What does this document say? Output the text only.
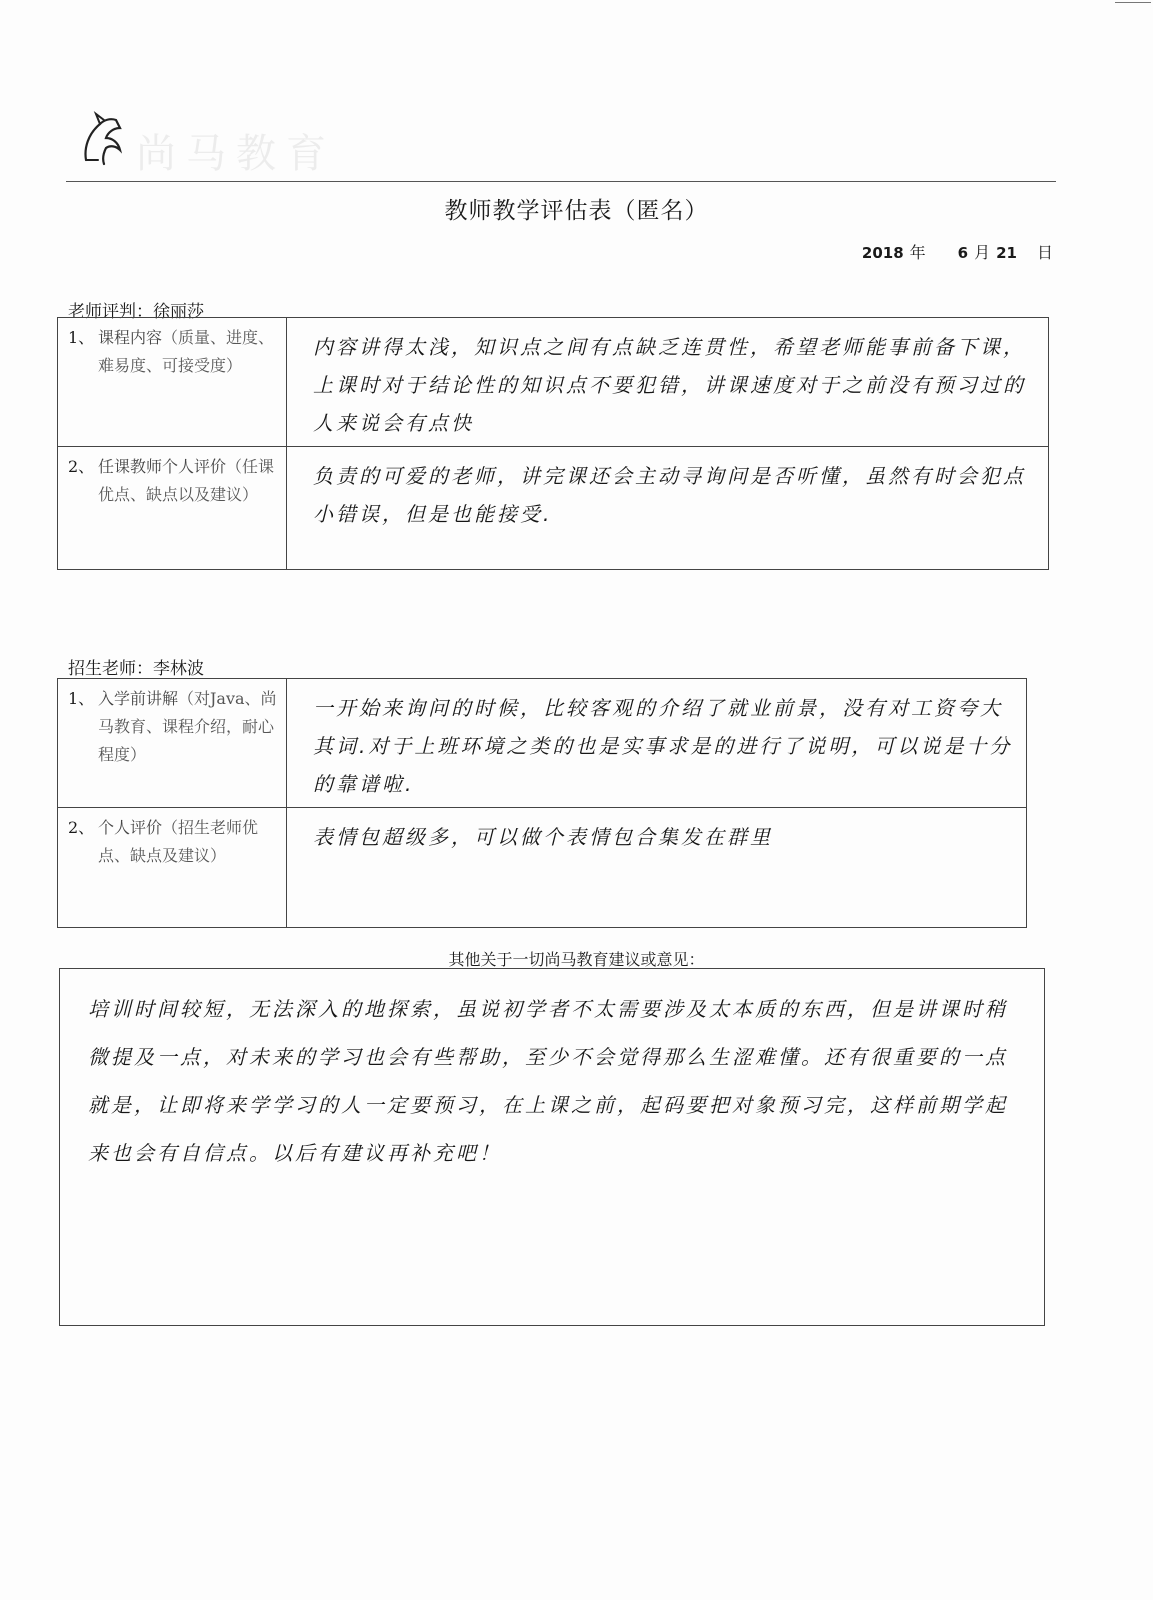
尚马教育
教师教学评估表（匿名）
2018 年 6 月 21 日
老师评判：徐丽莎
1、 课程内容（质量、进度、难易度、可接受度）	内容讲得太浅，知识点之间有点缺乏连贯性，希望老师能事前备下课，上课时对于结论性的知识点不要犯错，讲课速度对于之前没有预习过的人来说会有点快

2、 任课教师个人评价（任课优点、缺点以及建议）	负责的可爱的老师，讲完课还会主动寻询问是否听懂，虽然有时会犯点小错误，但是也能接受.
招生老师：李林波
1、 入学前讲解（对Java、尚马教育、课程介绍，耐心程度）	一开始来询问的时候，比较客观的介绍了就业前景，没有对工资夸大其词.对于上班环境之类的也是实事求是的进行了说明，可以说是十分的靠谱啦.

2、 个人评价（招生老师优点、缺点及建议）	表情包超级多，可以做个表情包合集发在群里
其他关于一切尚马教育建议或意见：
培训时间较短，无法深入的地探索，虽说初学者不太需要涉及太本质的东西，但是讲课时稍微提及一点，对未来的学习也会有些帮助，至少不会觉得那么生涩难懂。还有很重要的一点就是，让即将来学学习的人一定要预习，在上课之前，起码要把对象预习完，这样前期学起来也会有自信点。以后有建议再补充吧！
